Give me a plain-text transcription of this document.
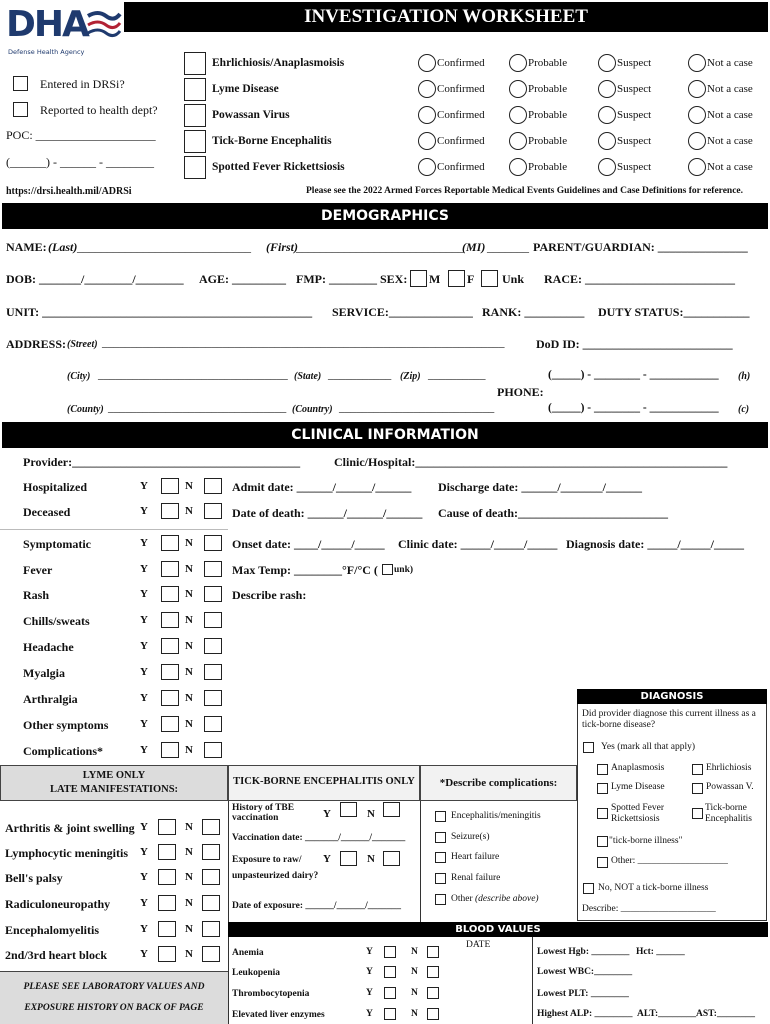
DHA
Defense Health Agency
INVESTIGATION WORKSHEET
Entered in DRSi?
Reported to health dept?
POC: ____________________
(______) - ______ - ________
https://drsi.health.mil/ADRSi
Ehrlichiosis/Anaplasmoisis	Confirmed	Probable	Suspect	Not a case
Lyme Disease	Confirmed	Probable	Suspect	Not a case
Powassan Virus	Confirmed	Probable	Suspect	Not a case
Tick-Borne Encephalitis	Confirmed	Probable	Suspect	Not a case
Spotted Fever Rickettsiosis	Confirmed	Probable	Suspect	Not a case
Please see the 2022 Armed Forces Reportable Medical Events Guidelines and Case Definitions for reference.
DEMOGRAPHICS
NAME: (Last) _____________________________ (First)
____________________________
(MI) _______ PARENT/GUARDIAN: _______________
DOB: _______/________/________ AGE: _________ FMP: ________ SEX: M F Unk RACE: _________________________
UNIT: _____________________________________________ SERVICE:______________ RANK: __________ DUTY STATUS:___________
ADDRESS: (Street) ______________________________________________________________________	DoD ID: _________________________
(City) _________________________________ (State) ___________ (Zip) __________	(_____) - ________ - ____________ (h)
PHONE:
(County) _______________________________ (Country) ___________________________	(_____) - ________ - ____________ (c)
CLINICAL INFORMATION
Provider:______________________________________	Clinic/Hospital:____________________________________________________
Hospitalized	Y	N
Deceased	Y	N
Symptomatic	Y	N
Fever	Y	N
Rash	Y	N
Chills/sweats	Y	N
Headache	Y	N
Myalgia	Y	N
Arthralgia	Y	N
Other symptoms	Y	N
Complications*	Y	N
Admit date: ______/______/______ Discharge date: ______/_______/______
Date of death: ______/______/______ Cause of death:_________________________
Onset date: ____/_____/_____ Clinic date: _____/_____/_____ Diagnosis date: _____/_____/_____
Max Temp: ________°F/°C ( unk)
Describe rash:
DIAGNOSIS
Did provider diagnose this current illness as a tick-borne disease?
Yes (mark all that apply)
Anaplasmosis	Ehrlichiosis
Lyme Disease	Powassan V.
Spotted Fever Rickettsiosis
Tick-borne Encephalitis
"tick-borne illness"
Other: ___________________
No, NOT a tick-borne illness
Describe: ____________________
LYME ONLY
LATE MANIFESTATIONS:
TICK-BORNE ENCEPHALITIS ONLY	*Describe complications:
History of TBE vaccination	Y	N
Vaccination date: _______/______/_______
Exposure to raw/ unpasteurized dairy?
Y	N
Date of exposure: ______/______/_______
Encephalitis/meningitis
Seizure(s)
Heart failure
Renal failure
Other (describe above)
Arthritis & joint swelling Y	N
Lymphocytic meningitis Y	N
Bell's palsy	Y	N
Radiculoneuropathy	Y	N
Encephalomyelitis	Y	N
2nd/3rd heart block	Y	N
BLOOD VALUES
DATE
Anemia	Y	N
Leukopenia	Y	N
Thrombocytopenia	Y	N
Elevated liver enzymes	Y	N
Lowest Hgb: ________ Hct: ______
Lowest WBC:________
Lowest PLT: ________
Highest ALP: ________ ALT:________ AST:________
PLEASE SEE LABORATORY VALUES AND
EXPOSURE HISTORY ON BACK OF PAGE
